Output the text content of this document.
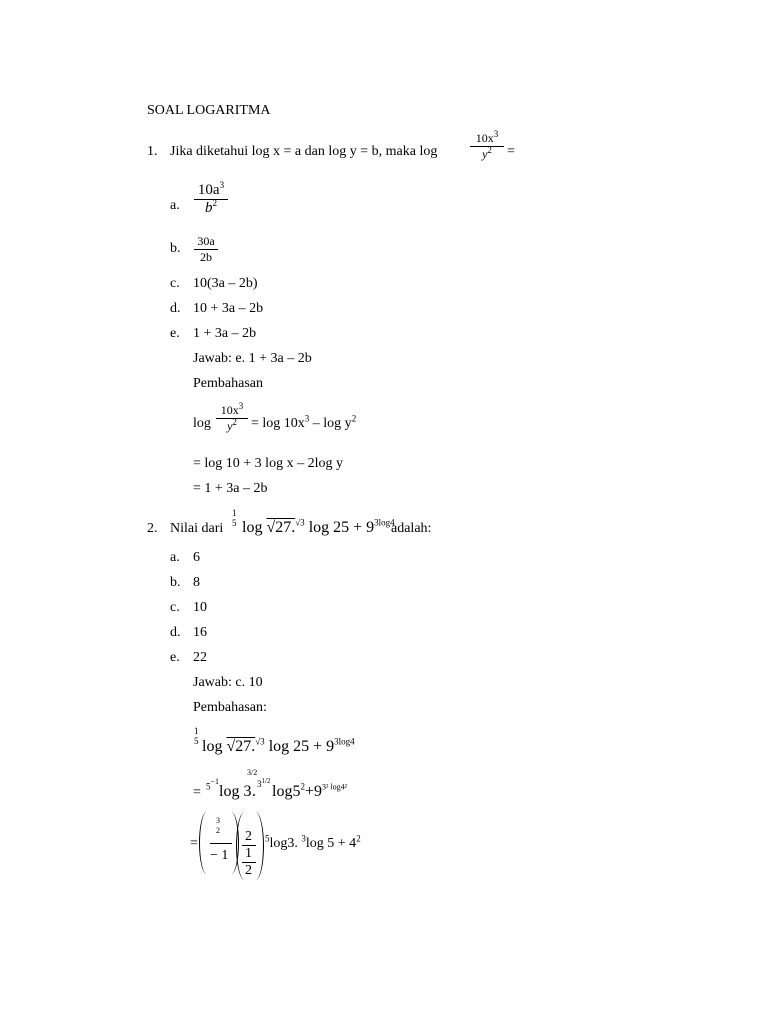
SOAL LOGARITMA
1. Jika diketahui log x = a dan log y = b, maka log
$10x^3$
$y^2$	=
a.
$10a^3$
$b^2$
b. 30a
2b
c. 10(3a – 2b)
d. 10 + 3a – 2b
e. 1 + 3a – 2b
Jawab: e. 1 + 3a – 2b
Pembahasan
log
$10x^3$
$y^2$	= $\log 10x^3$ – $\log y^2$
= log 10 + 3 log x – 2log y
= 1 + 3a – 2b
2. Nilai dari
1
5 log √27.$^{√3}$ $\log 25 + 9^{3log4}$
adalah:
a. 6
b. 8
c. 10
d. 16
e. 22
Jawab: c. 10
Pembahasan:
1
5 log √27.$^{√3}$ $\log 25 + 9^{3log4}$
= $5^{-1}$
log 3
3/2
. $3^{1/2}$
$\log 5^2+9^{3^2 log4^2}$
=
3
2
− 1
2
1
2
$^5$log3. $^3$log $5 + 4^2$
